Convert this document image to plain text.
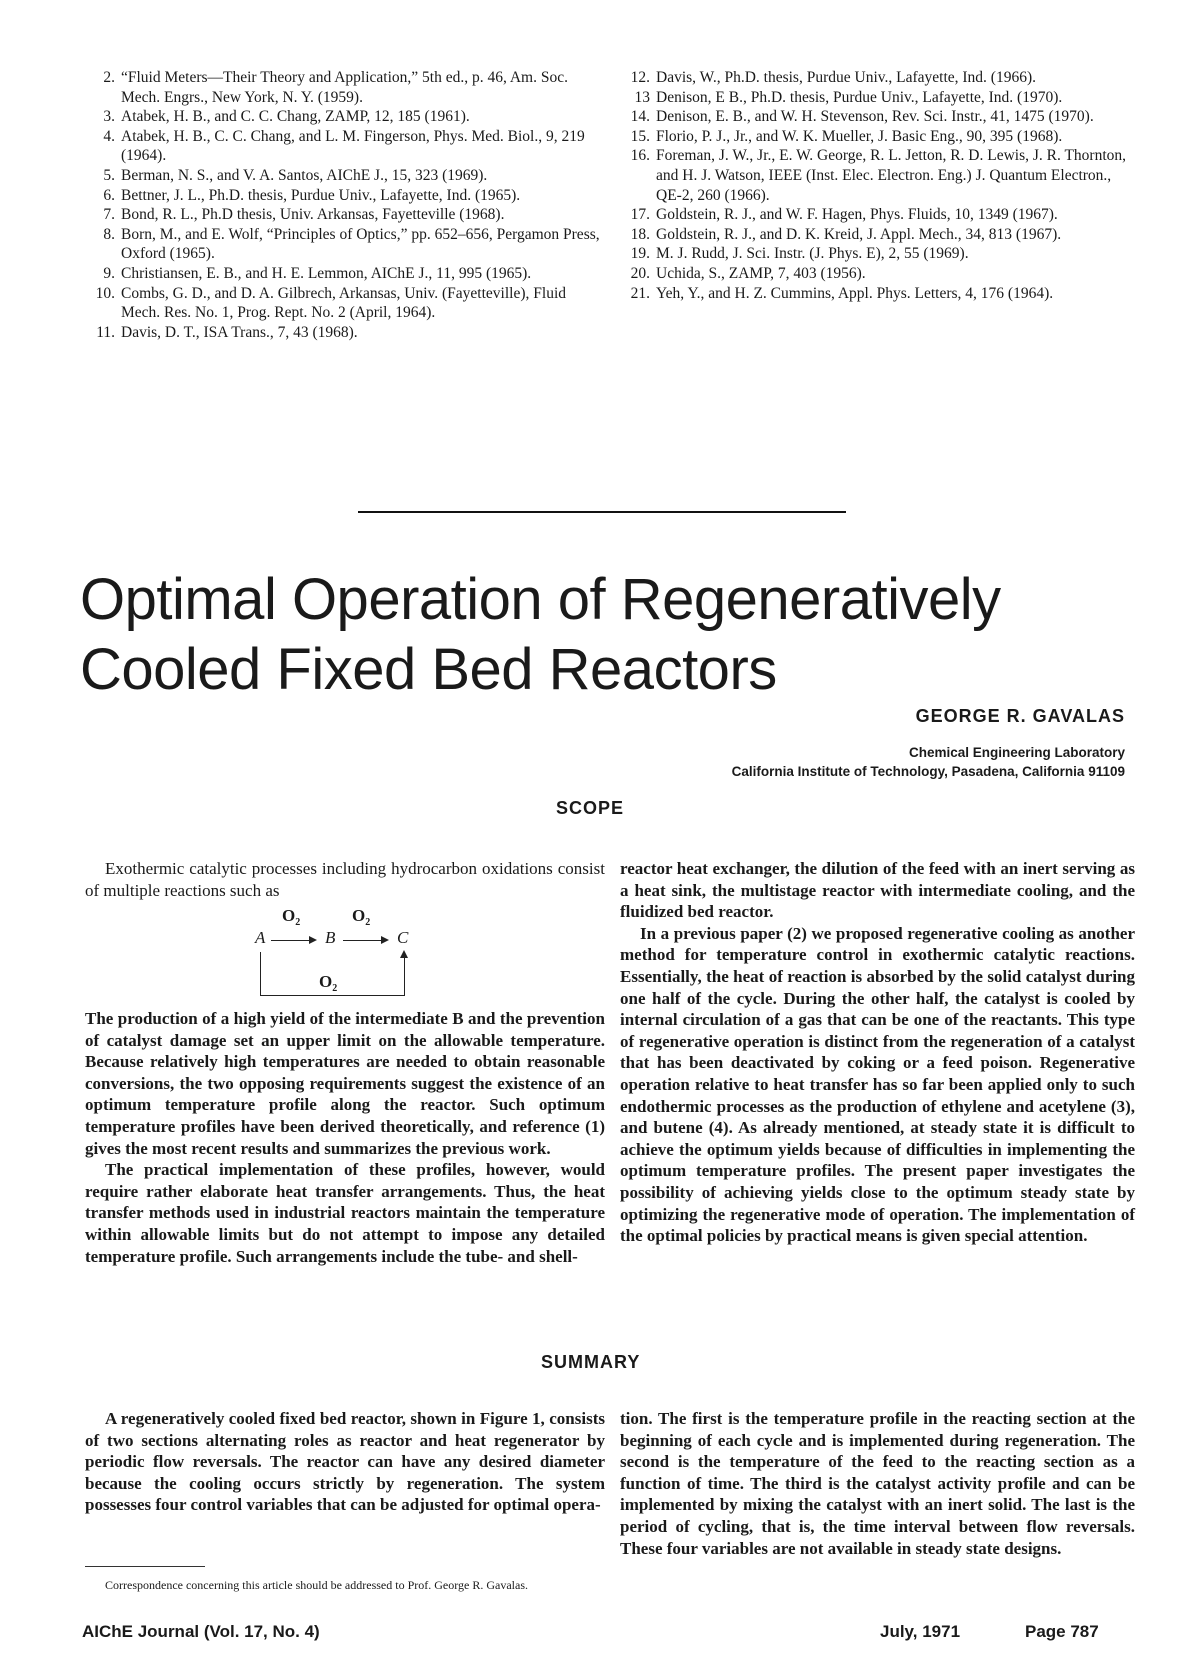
2. “Fluid Meters—Their Theory and Application,” 5th ed., p. 46, Am. Soc. Mech. Engrs., New York, N. Y. (1959).
3. Atabek, H. B., and C. C. Chang, ZAMP, 12, 185 (1961).
4. Atabek, H. B., C. C. Chang, and L. M. Fingerson, Phys. Med. Biol., 9, 219 (1964).
5. Berman, N. S., and V. A. Santos, AIChE J., 15, 323 (1969).
6. Bettner, J. L., Ph.D. thesis, Purdue Univ., Lafayette, Ind. (1965).
7. Bond, R. L., Ph.D thesis, Univ. Arkansas, Fayetteville (1968).
8. Born, M., and E. Wolf, “Principles of Optics,” pp. 652–656, Pergamon Press, Oxford (1965).
9. Christiansen, E. B., and H. E. Lemmon, AIChE J., 11, 995 (1965).
10. Combs, G. D., and D. A. Gilbrech, Arkansas, Univ. (Fayetteville), Fluid Mech. Res. No. 1, Prog. Rept. No. 2 (April, 1964).
11. Davis, D. T., ISA Trans., 7, 43 (1968).
12. Davis, W., Ph.D. thesis, Purdue Univ., Lafayette, Ind. (1966).
13 Denison, E B., Ph.D. thesis, Purdue Univ., Lafayette, Ind. (1970).
14. Denison, E. B., and W. H. Stevenson, Rev. Sci. Instr., 41, 1475 (1970).
15. Florio, P. J., Jr., and W. K. Mueller, J. Basic Eng., 90, 395 (1968).
16. Foreman, J. W., Jr., E. W. George, R. L. Jetton, R. D. Lewis, J. R. Thornton, and H. J. Watson, IEEE (Inst. Elec. Electron. Eng.) J. Quantum Electron., QE-2, 260 (1966).
17. Goldstein, R. J., and W. F. Hagen, Phys. Fluids, 10, 1349 (1967).
18. Goldstein, R. J., and D. K. Kreid, J. Appl. Mech., 34, 813 (1967).
19. M. J. Rudd, J. Sci. Instr. (J. Phys. E), 2, 55 (1969).
20. Uchida, S., ZAMP, 7, 403 (1956).
21. Yeh, Y., and H. Z. Cummins, Appl. Phys. Letters, 4, 176 (1964).
Optimal Operation of Regeneratively
Cooled Fixed Bed Reactors
GEORGE R. GAVALAS
Chemical Engineering Laboratory
California Institute of Technology, Pasadena, California 91109
SCOPE

Exothermic catalytic processes including hydrocarbon oxidations consist of multiple reactions such as

$O_2$	$O_2$
A	B	C
$O_2$

The production of a high yield of the intermediate B and the prevention of catalyst damage set an upper limit on the allowable temperature. Because relatively high temperatures are needed to obtain reasonable conversions, the two opposing requirements suggest the existence of an optimum temperature profile along the reactor. Such optimum temperature profiles have been derived theoretically, and reference (1) gives the most recent results and summarizes the previous work.

The practical implementation of these profiles, however, would require rather elaborate heat transfer arrangements. Thus, the heat transfer methods used in industrial reactors maintain the temperature within allowable limits but do not attempt to impose any detailed temperature profile. Such arrangements include the tube- and shell-

reactor heat exchanger, the dilution of the feed with an inert serving as a heat sink, the multistage reactor with intermediate cooling, and the fluidized bed reactor.

In a previous paper (2) we proposed regenerative cooling as another method for temperature control in exothermic catalytic reactions. Essentially, the heat of reaction is absorbed by the solid catalyst during one half of the cycle. During the other half, the catalyst is cooled by internal circulation of a gas that can be one of the reactants. This type of regenerative operation is distinct from the regeneration of a catalyst that has been deactivated by coking or a feed poison. Regenerative operation relative to heat transfer has so far been applied only to such endothermic processes as the production of ethylene and acetylene (3), and butene (4). As already mentioned, at steady state it is difficult to achieve the optimum yields because of difficulties in implementing the optimum temperature profiles. The present paper investigates the possibility of achieving yields close to the optimum steady state by optimizing the regenerative mode of operation. The implementation of the optimal policies by practical means is given special attention.

SUMMARY

A regeneratively cooled fixed bed reactor, shown in Figure 1, consists of two sections alternating roles as reactor and heat regenerator by periodic flow reversals. The reactor can have any desired diameter because the cooling occurs strictly by regeneration. The system possesses four control variables that can be adjusted for optimal opera-

tion. The first is the temperature profile in the reacting section at the beginning of each cycle and is implemented during regeneration. The second is the temperature of the feed to the reacting section as a function of time. The third is the catalyst activity profile and can be implemented by mixing the catalyst with an inert solid. The last is the period of cycling, that is, the time interval between flow reversals. These four variables are not available in steady state designs.

Correspondence concerning this article should be addressed to Prof. George R. Gavalas.
AIChE Journal (Vol. 17, No. 4)	July, 1971	Page 787
